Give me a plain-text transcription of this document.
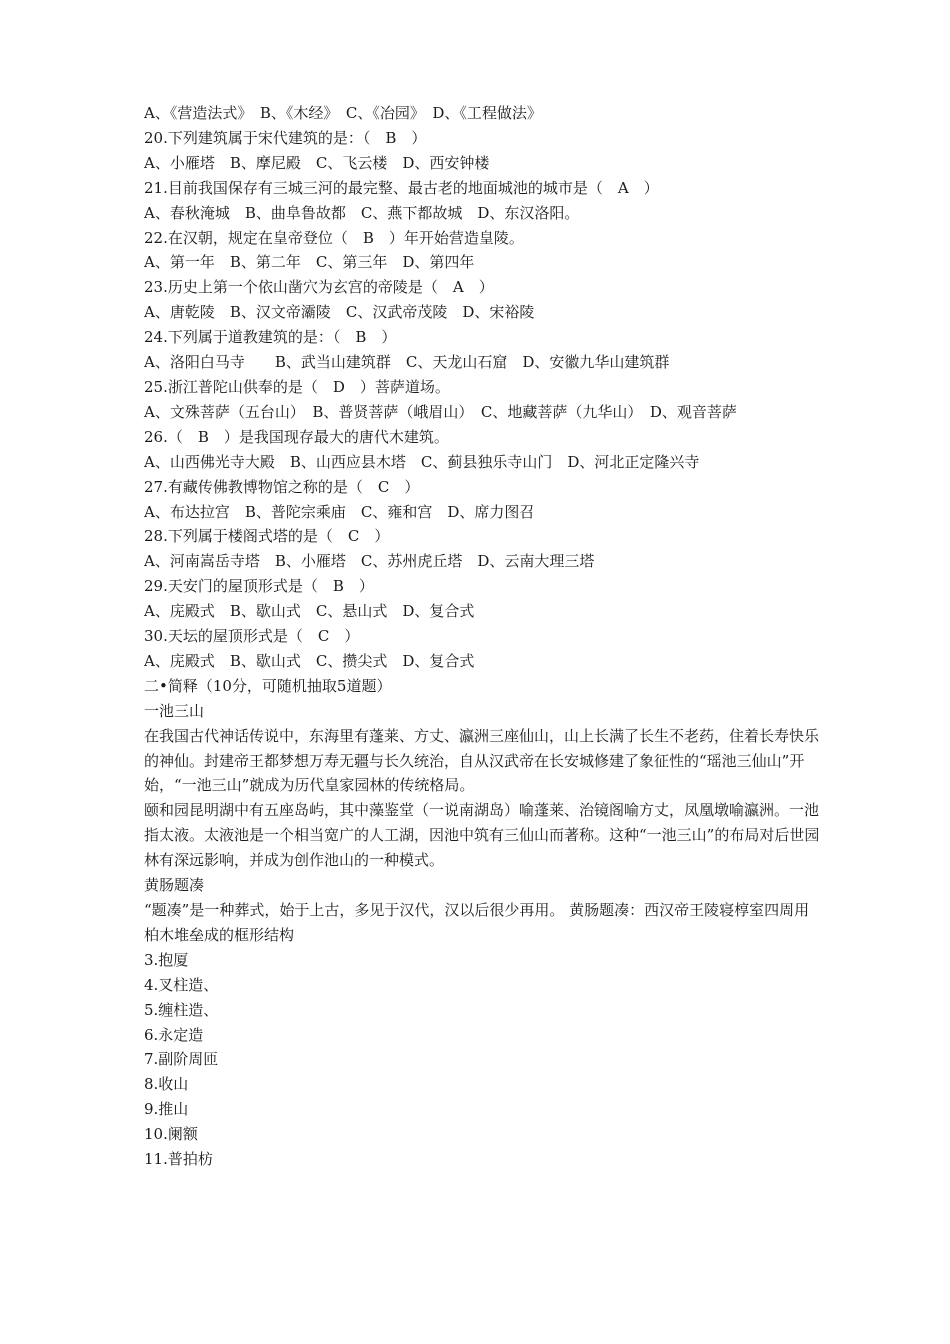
A、《营造法式》　B、《木经》　C、《冶园》　D、《工程做法》
20.下列建筑属于宋代建筑的是：（　B　）
A、小雁塔　B、摩尼殿　C、飞云楼　D、西安钟楼
21.目前我国保存有三城三河的最完整、最古老的地面城池的城市是（　A　）
A、春秋淹城　B、曲阜鲁故都　C、燕下都故城　D、东汉洛阳。
22.在汉朝，规定在皇帝登位（　B　）年开始营造皇陵。
A、第一年　B、第二年　C、第三年　D、第四年
23.历史上第一个依山凿穴为玄宫的帝陵是（　A　）
A、唐乾陵　B、汉文帝灞陵　C、汉武帝茂陵　D、宋裕陵
24.下列属于道教建筑的是：（　B　）
A、洛阳白马寺　　B、武当山建筑群　C、天龙山石窟　D、安徽九华山建筑群
25.浙江普陀山供奉的是（　D　）菩萨道场。
A、文殊菩萨（五台山）　B、普贤菩萨（峨眉山）　C、地藏菩萨（九华山）　D、观音菩萨
26.（　B　）是我国现存最大的唐代木建筑。
A、山西佛光寺大殿　B、山西应县木塔　C、蓟县独乐寺山门　D、河北正定隆兴寺
27.有藏传佛教博物馆之称的是（　C　）
A、布达拉宫　B、普陀宗乘庙　C、雍和宫　D、席力图召
28.下列属于楼阁式塔的是（　C　）
A、河南嵩岳寺塔　B、小雁塔　C、苏州虎丘塔　D、云南大理三塔
29.天安门的屋顶形式是（　B　）
A、庑殿式　B、歇山式　C、悬山式　D、复合式
30.天坛的屋顶形式是（　C　）
A、庑殿式　B、歇山式　C、攒尖式　D、复合式
二•简释（10分，可随机抽取5道题）
一池三山
在我国古代神话传说中，东海里有蓬莱、方丈、瀛洲三座仙山，山上长满了长生不老药，住着长寿快乐的神仙。封建帝王都梦想万寿无疆与长久统治，自从汉武帝在长安城修建了象征性的“瑶池三仙山”开始，“一池三山”就成为历代皇家园林的传统格局。
颐和园昆明湖中有五座岛屿，其中藻鉴堂（一说南湖岛）喻蓬莱、治镜阁喻方丈，凤凰墩喻瀛洲。一池指太液。太液池是一个相当宽广的人工湖，因池中筑有三仙山而著称。这种“一池三山”的布局对后世园林有深远影响，并成为创作池山的一种模式。
黄肠题凑
“题凑”是一种葬式，始于上古，多见于汉代，汉以后很少再用。 黄肠题凑：西汉帝王陵寝椁室四周用柏木堆垒成的框形结构
3.抱厦
4.叉柱造、
5.缠柱造、
6.永定造
7.副阶周匝
8.收山
9.推山
10.阑额
11.普拍枋
